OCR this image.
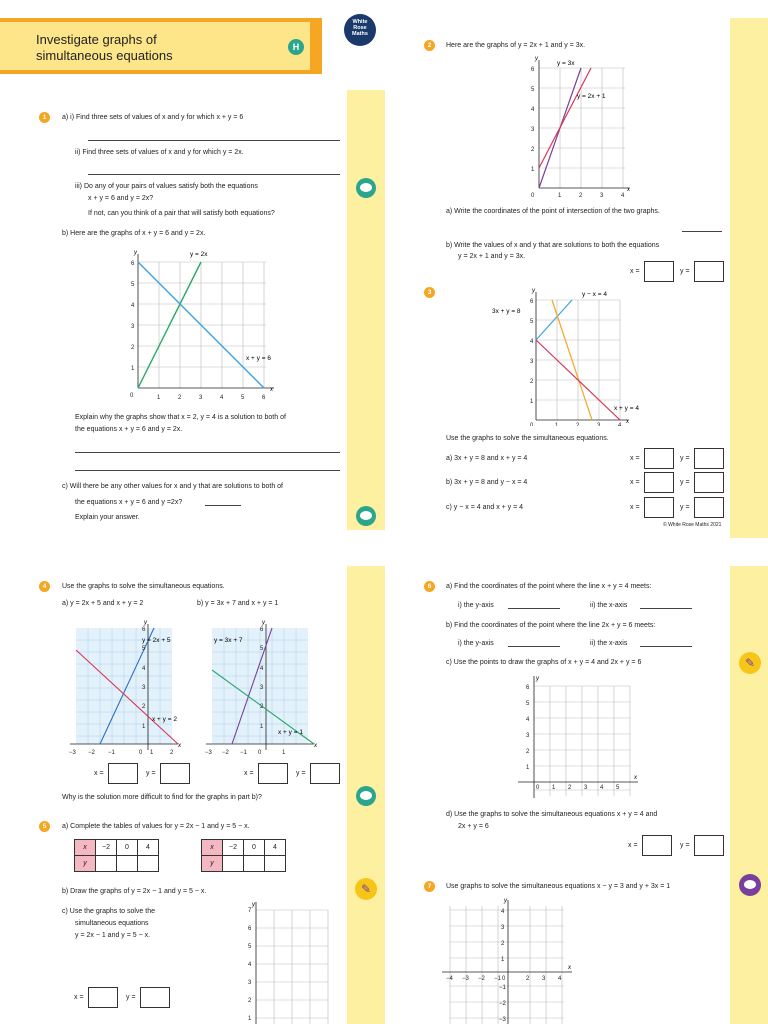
Investigate graphs of
simultaneous equations
H
White
Rose
Maths
1	a) i) Find three sets of values of x and y for which x + y = 6
ii) Find three sets of values of x and y for which y = 2x.
iii) Do any of your pairs of values satisfy both the equations
x + y = 6 and y = 2x?
If not, can you think of a pair that will satisfy both equations?
b) Here are the graphs of x + y = 6 and y = 2x.
6
5
4
3
2
1
0	1	2	3	4	5	6
x
y	y = 2x
x + y = 6
Explain why the graphs show that x = 2, y = 4 is a solution to both of
the equations x + y = 6 and y = 2x.
c) Will there be any other values for x and y that are solutions to both of
the equations x + y = 6 and y =2x?
Explain your answer.
2	Here are the graphs of y = 2x + 1 and y = 3x.
6
5
4
3
2
1
0	1	2	3	4
x
y
y = 3x
y = 2x + 1
a) Write the coordinates of the point of intersection of the two graphs.
b) Write the values of x and y that are solutions to both the equations
y = 2x + 1 and y = 3x.
x =	y =
3
6
5
4
3
2
1
0	1	2	3	4
x
y	y − x = 4
3x + y = 8
x + y = 4
Use the graphs to solve the simultaneous equations.
a) 3x + y = 8 and x + y = 4
b) 3x + y = 8 and y − x = 4
c) y − x = 4 and x + y = 4
x =	y =
x =	y =
x =	y =
© White Rose Maths 2021
4	Use the graphs to solve the simultaneous equations.
a) y = 2x + 5 and x + y = 2	b) y = 3x + 7 and x + y = 1
6
5
4
3
2
1
−3 −2 −1	0 1	2
x
y
y = 2x + 5
x + y = 2
6
5
4
3
2
1
−3 −2 −1 0	1
x
y
y = 3x + 7
x + y = 1
x =	y =	x =	y =
Why is the solution more difficult to find for the graphs in part b)?
5	a) Complete the tables of values for y = 2x − 1 and y = 5 − x.
x	−2	0	4
y			
x	−2	0	4
y			
b) Draw the graphs of y = 2x − 1 and y = 5 − x.	✎
c) Use the graphs to solve the
simultaneous equations
y = 2x − 1 and y = 5 − x.
x =	y =
7
6
5
4
3
2
1
y
6	a) Find the coordinates of the point where the line x + y = 4 meets:
i) the y-axis	ii) the x-axis
b) Find the coordinates of the point where the line 2x + y = 6 meets:
i) the y-axis	ii) the x-axis
c) Use the points to draw the graphs of x + y = 4 and 2x + y = 6	✎
6
5
4
3
2
1
0 1 2 3 4 5
x
y
d) Use the graphs to solve the simultaneous equations x + y = 4 and
2x + y = 6
x =	y =
7	Use graphs to solve the simultaneous equations x − y = 3 and y + 3x = 1
4
3
2
1
−4 −3 −2 −1 0	2 3 4
−1
−2
−3
x
y
